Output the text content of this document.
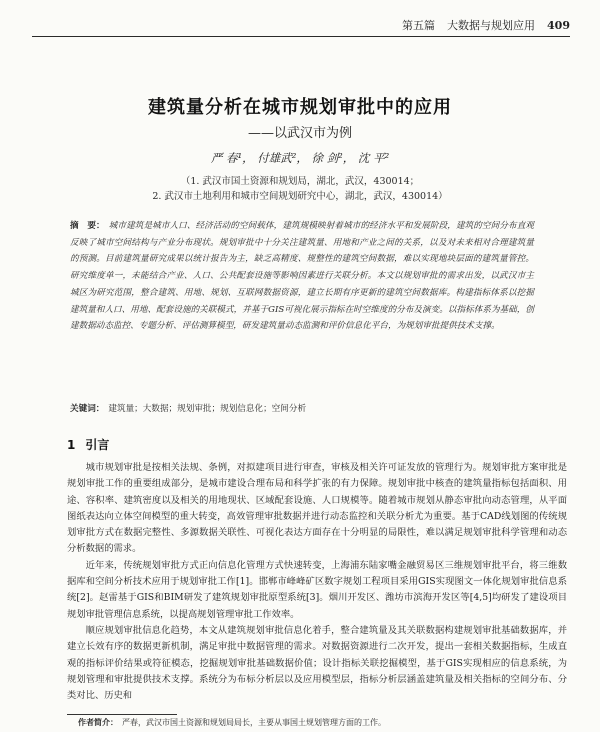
第五篇 大数据与规划应用 409
建筑量分析在城市规划审批中的应用
——以武汉市为例
严 春¹， 付雄武²， 徐 剑²， 沈 平²
（1. 武汉市国土资源和规划局，湖北，武汉，430014；
2. 武汉市土地利用和城市空间规划研究中心，湖北，武汉，430014）
摘　要： 城市建筑是城市人口、经济活动的空间载体，建筑规模映射着城市的经济水平和发展阶段，建筑的空间分布直观反映了城市空间结构与产业分布现状。规划审批中十分关注建筑量、用地和产业之间的关系，以及对未来相对合理建筑量的预测。目前建筑量研究成果以统计报告为主，缺乏高精度、规整性的建筑空间数据，难以实现地块层面的建筑量管控。研究维度单一，未能结合产业、人口、公共配套设施等影响因素进行关联分析。本文以规划审批的需求出发，以武汉市主城区为研究范围，整合建筑、用地、规划、互联网数据资源，建立长期有序更新的建筑空间数据库。构建指标体系以挖掘建筑量和人口、用地、配套设施的关联模式，并基于GIS可视化展示指标在时空维度的分布及演变。以指标体系为基础，创建数据动态监控、专题分析、评估测算模型，研发建筑量动态监测和评价信息化平台，为规划审批提供技术支撑。
关键词： 建筑量；大数据；规划审批；规划信息化；空间分析
1 引言

城市规划审批是按相关法规、条例，对拟建项目进行审查，审核及相关许可证发放的管理行为。规划审批方案审批是规划审批工作的重要组成部分，是城市建设合理布局和科学扩张的有力保障。规划审批中核查的建筑量指标包括面积、用途、容积率、建筑密度以及相关的用地现状、区域配套设施、人口规模等。随着城市规划从静态审批向动态管理，从平面图纸表达向立体空间模型的重大转变，高效管理审批数据并进行动态监控和关联分析尤为重要。基于CAD线划图的传统规划审批方式在数据完整性、多源数据关联性、可视化表达方面存在十分明显的局限性，难以满足规划审批科学管理和动态分析数据的需求。

近年来，传统规划审批方式正向信息化管理方式快速转变，上海浦东陆家嘴金融贸易区三维规划审批平台，将三维数据库和空间分析技术应用于规划审批工作[1]。邯郸市峰峰矿区数字规划工程项目采用GIS实现图文一体化规划审批信息系统[2]。赵雷基于GIS和BIM研发了建筑规划审批原型系统[3]。烟川开发区、潍坊市滨海开发区等[4,5]均研发了建设项目规划审批管理信息系统，以提高规划管理审批工作效率。

顺应规划审批信息化趋势，本文从建筑规划审批信息化着手，整合建筑量及其关联数据构建规划审批基础数据库，并建立长效有序的数据更新机制，满足审批中数据管理的需求。对数据资源进行二次开发，提出一套相关数据指标，生成直观的指标评价结果或符征模态，挖掘规划审批基础数据价值；设计指标关联挖掘模型，基于GIS实现相应的信息系统，为规划管理和审批提供技术支撑。系统分为布标分析层以及应用模型层，指标分析层涵盖建筑量及相关指标的空间分布、分类对比、历史和

作者简介： 严春，武汉市国土资源和规划局局长，主要从事国土规划管理方面的工作。
